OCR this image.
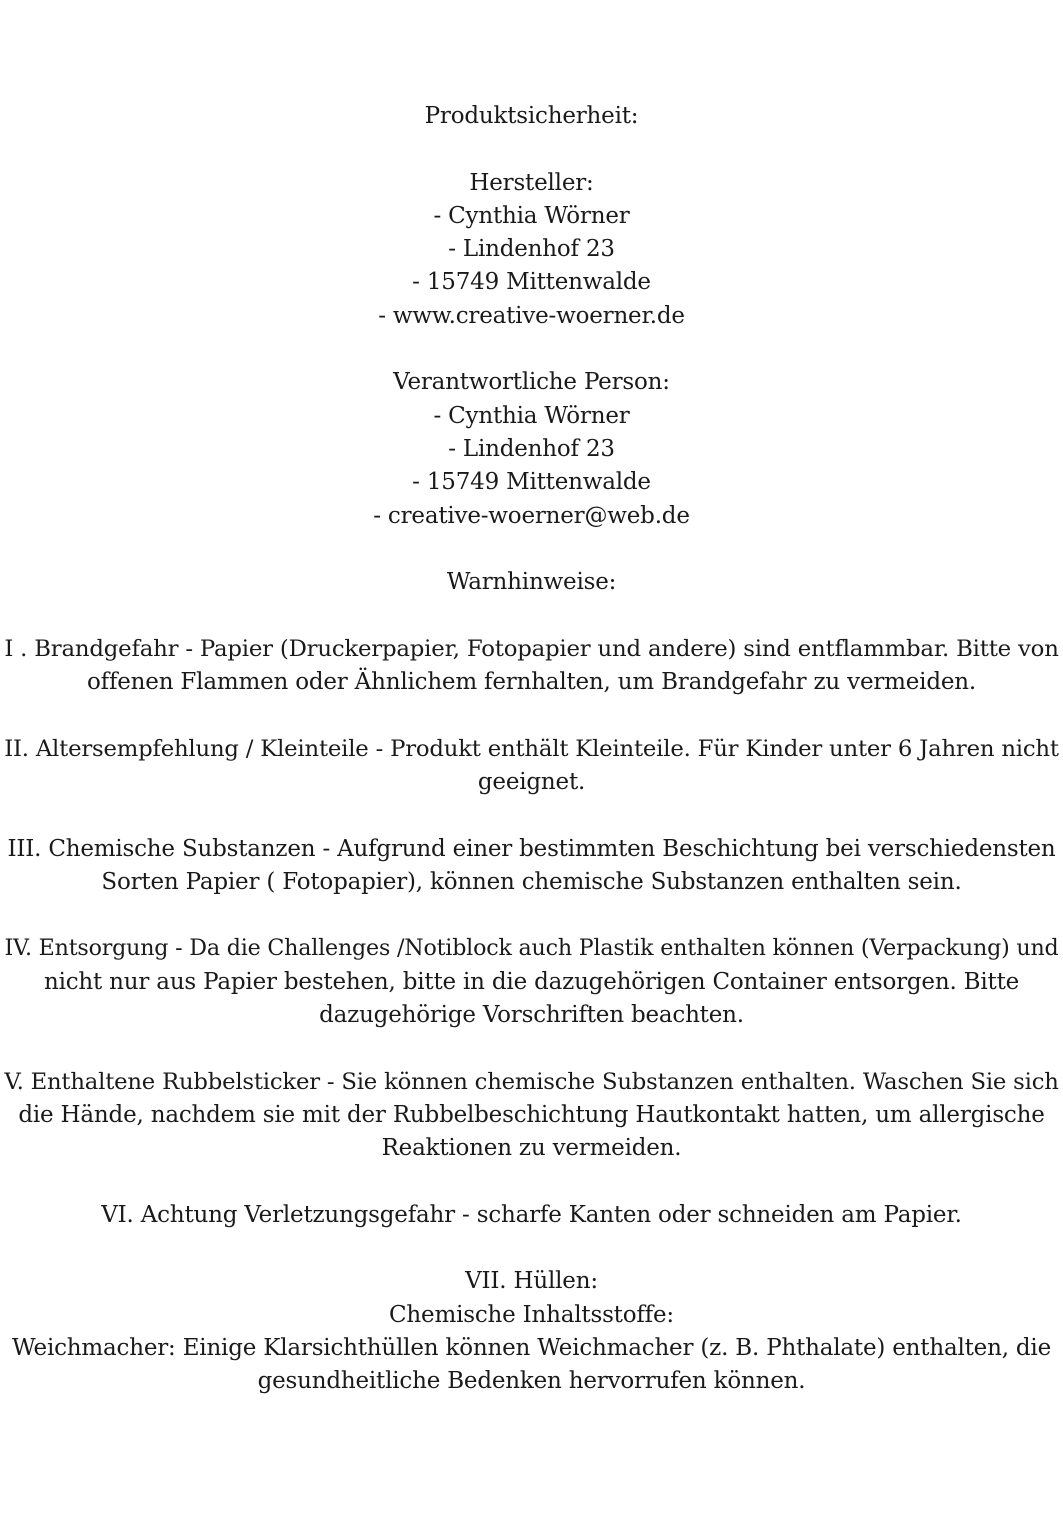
Produktsicherheit:
Hersteller:
- Cynthia Wörner
- Lindenhof 23
- 15749 Mittenwalde
- www.creative-woerner.de
Verantwortliche Person:
- Cynthia Wörner
- Lindenhof 23
- 15749 Mittenwalde
- creative-woerner@web.de
Warnhinweise:
I . Brandgefahr - Papier (Druckerpapier, Fotopapier und andere) sind entflammbar. Bitte von
offenen Flammen oder Ähnlichem fernhalten, um Brandgefahr zu vermeiden.
II. Altersempfehlung / Kleinteile - Produkt enthält Kleinteile. Für Kinder unter 6 Jahren nicht
geeignet.
III. Chemische Substanzen - Aufgrund einer bestimmten Beschichtung bei verschiedensten
Sorten Papier ( Fotopapier), können chemische Substanzen enthalten sein.
IV. Entsorgung - Da die Challenges /Notiblock auch Plastik enthalten können (Verpackung) und
nicht nur aus Papier bestehen, bitte in die dazugehörigen Container entsorgen. Bitte
dazugehörige Vorschriften beachten.
V. Enthaltene Rubbelsticker - Sie können chemische Substanzen enthalten. Waschen Sie sich
die Hände, nachdem sie mit der Rubbelbeschichtung Hautkontakt hatten, um allergische
Reaktionen zu vermeiden.
VI. Achtung Verletzungsgefahr - scharfe Kanten oder schneiden am Papier.
VII. Hüllen:
Chemische Inhaltsstoffe:
Weichmacher: Einige Klarsichthüllen können Weichmacher (z. B. Phthalate) enthalten, die
gesundheitliche Bedenken hervorrufen können.
